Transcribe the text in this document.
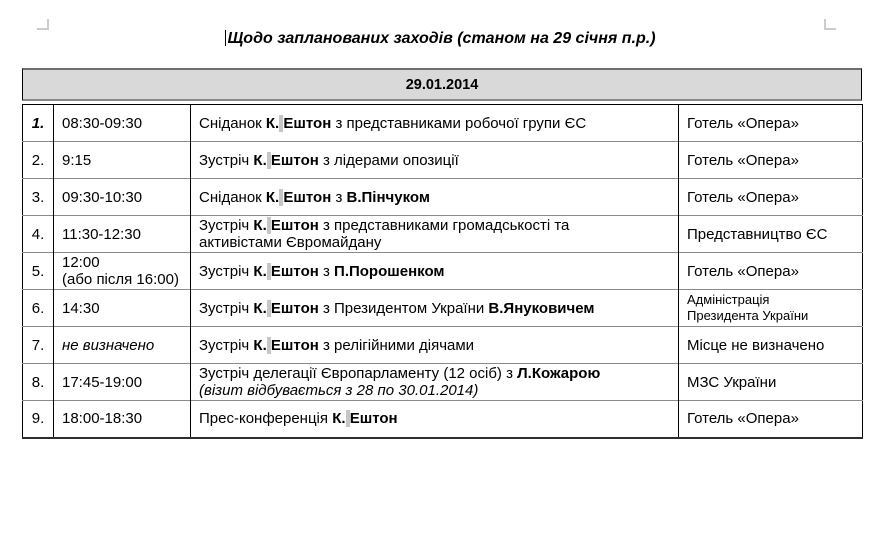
Щодо запланованих заходів (станом на 29 січня п.р.)
29.01.2014
1.	08:30-09:30	Сніданок К. Ештон з представниками робочої групи ЄС	Готель «Опера»

2.	9:15	Зустріч К. Ештон з лідерами опозиції	Готель «Опера»

3.	09:30-10:30	Сніданок К. Ештон з В.Пінчуком	Готель «Опера»

4.	11:30-12:30	Зустріч К. Ештон з представниками громадськості та
активістами Євромайдану	Представництво ЄС

5.	12:00
(або після 16:00)	Зустріч К. Ештон з П.Порошенком	Готель «Опера»

6.	14:30	Зустріч К. Ештон з Президентом України В.Януковичем	Адміністрація
Президента України

7.	не визначено	Зустріч К. Ештон з релігійними діячами	Місце не визначено

8.	17:45-19:00	Зустріч делегації Європарламенту (12 осіб) з Л.Кожарою
(візит відбувається з 28 по 30.01.2014)	МЗС України

9.	18:00-18:30	Прес-конференція К. Ештон	Готель «Опера»
